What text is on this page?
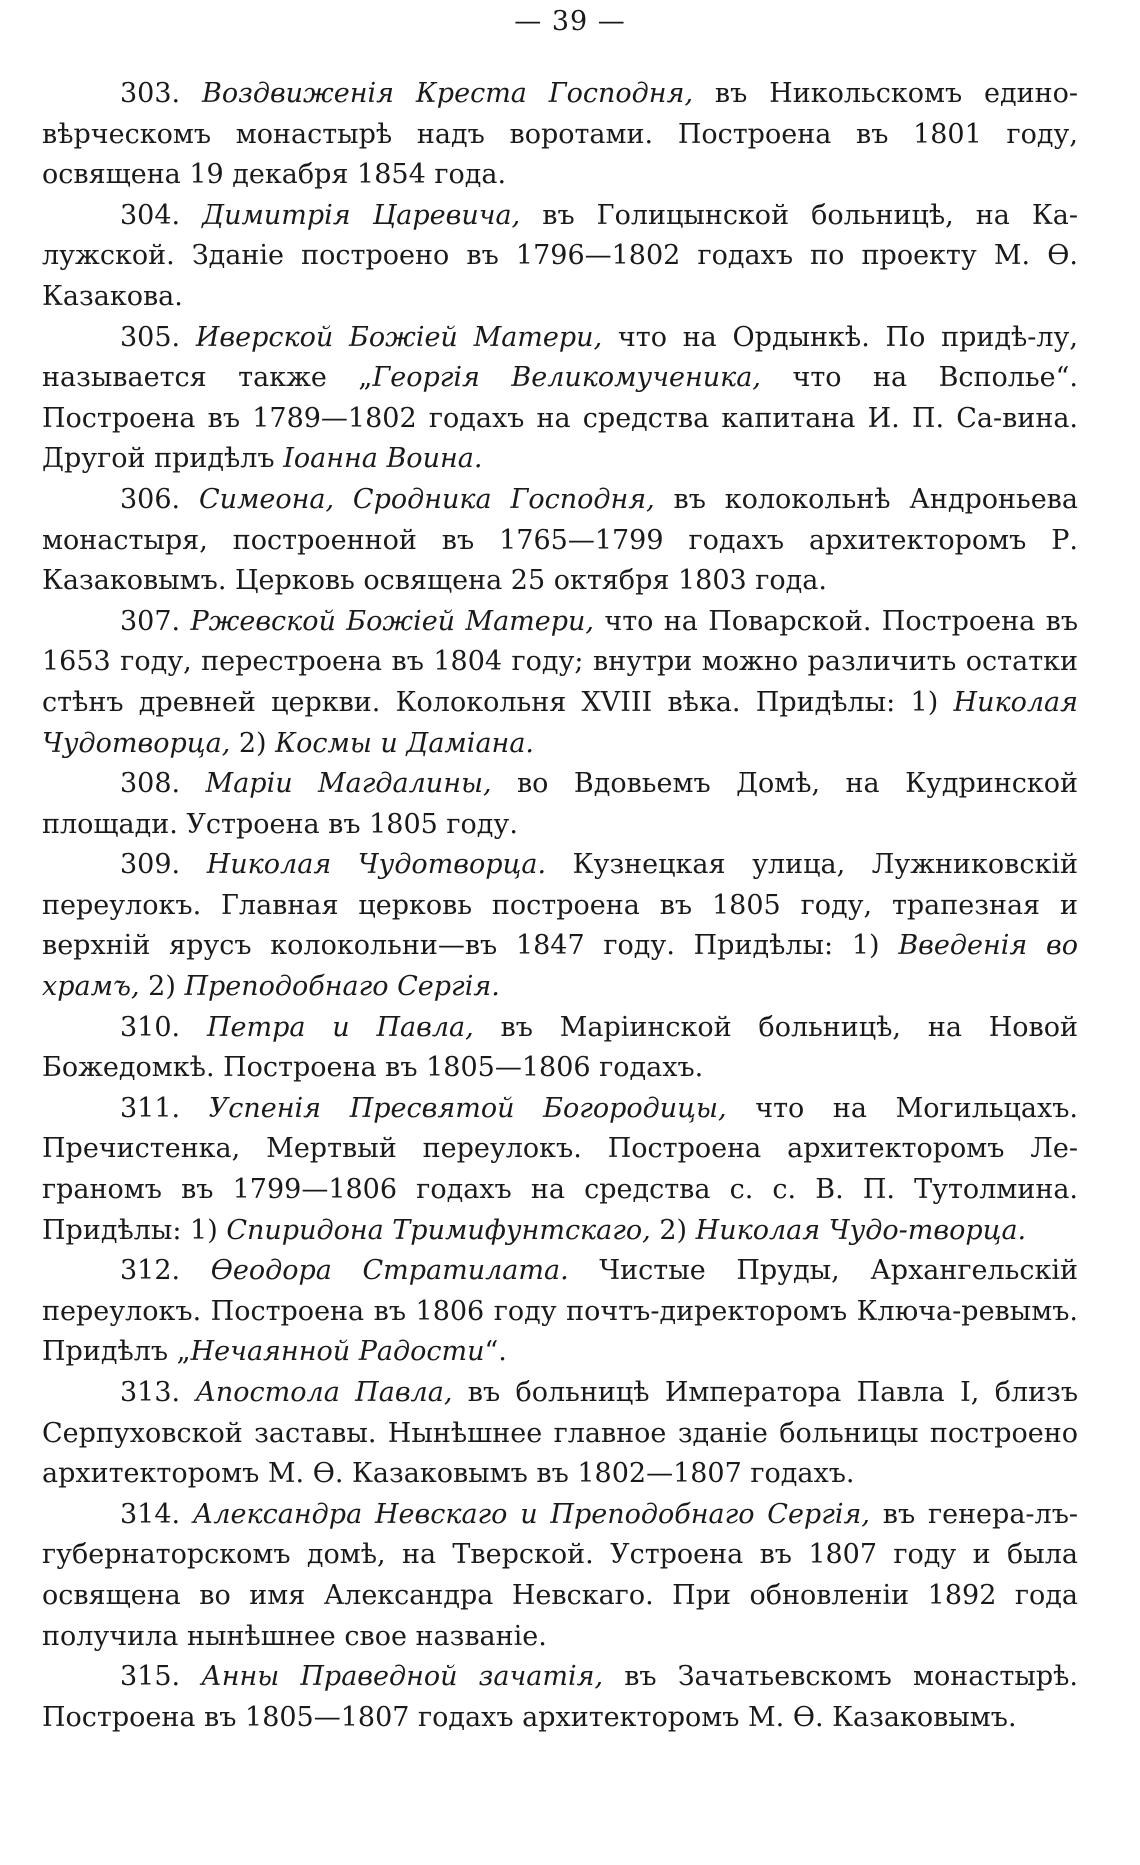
— 39 —

303. Воздвиженія Креста Господня, въ Никольскомъ едино-вѣрческомъ монастырѣ надъ воротами. Построена въ 1801 году, освящена 19 декабря 1854 года.

304. Димитрія Царевича, въ Голицынской больницѣ, на Ка-лужской. Зданіе построено въ 1796—1802 годахъ по проекту М. Ѳ. Казакова.

305. Иверской Божіей Матери, что на Ордынкѣ. По придѣ-лу, называется также „Георгія Великомученика, что на Всполье“. Построена въ 1789—1802 годахъ на средства капитана И. П. Са-вина. Другой придѣлъ Іоанна Воина.

306. Симеона, Сродника Господня, въ колокольнѣ Андроньева монастыря, построенной въ 1765—1799 годахъ архитекторомъ Р. Казаковымъ. Церковь освящена 25 октября 1803 года.

307. Ржевской Божіей Матери, что на Поварской. Построена въ 1653 году, перестроена въ 1804 году; внутри можно различить остатки стѣнъ древней церкви. Колокольня XVIII вѣка. Придѣлы: 1) Николая Чудотворца, 2) Космы и Даміана.

308. Маріи Магдалины, во Вдовьемъ Домѣ, на Кудринской площади. Устроена въ 1805 году.

309. Николая Чудотворца. Кузнецкая улица, Лужниковскій переулокъ. Главная церковь построена въ 1805 году, трапезная и верхній ярусъ колокольни—въ 1847 году. Придѣлы: 1) Введенія во храмъ, 2) Преподобнаго Сергія.

310. Петра и Павла, въ Маріинской больницѣ, на Новой Божедомкѣ. Построена въ 1805—1806 годахъ.

311. Успенія Пресвятой Богородицы, что на Могильцахъ. Пречистенка, Мертвый переулокъ. Построена архитекторомъ Ле-граномъ въ 1799—1806 годахъ на средства с. с. В. П. Тутолмина. Придѣлы: 1) Спиридона Тримифунтскаго, 2) Николая Чудо-творца.

312. Ѳеодора Стратилата. Чистые Пруды, Архангельскій переулокъ. Построена въ 1806 году почтъ-директоромъ Ключа-ревымъ. Придѣлъ „Нечаянной Радости“.

313. Апостола Павла, въ больницѣ Императора Павла I, близъ Серпуховской заставы. Нынѣшнее главное зданіе больницы построено архитекторомъ М. Ѳ. Казаковымъ въ 1802—1807 годахъ.

314. Александра Невскаго и Преподобнаго Сергія, въ генера-лъ-губернаторскомъ домѣ, на Тверской. Устроена въ 1807 году и была освящена во имя Александра Невскаго. При обновленіи 1892 года получила нынѣшнее свое названіе.

315. Анны Праведной зачатія, въ Зачатьевскомъ монастырѣ. Построена въ 1805—1807 годахъ архитекторомъ М. Ѳ. Казаковымъ.
